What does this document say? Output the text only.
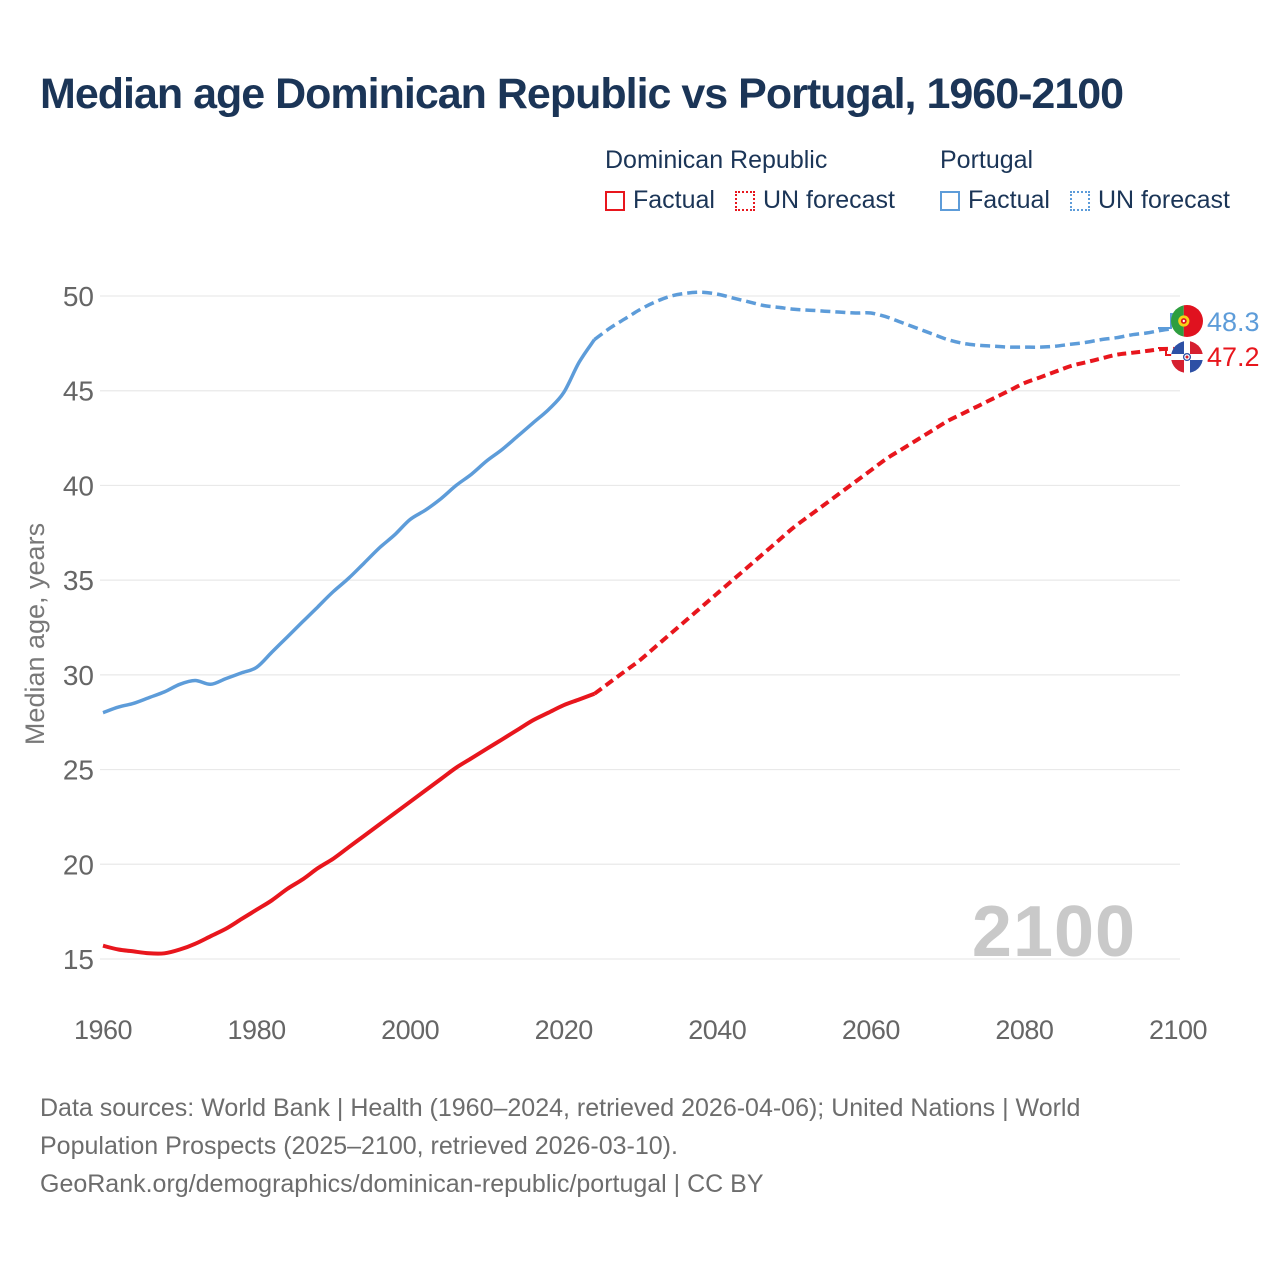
15
20
25
30
35
40
45
50
1960	1980	2000	2020	2040	2060	2080	2100
2100
Median age, years
48.3
47.2
Median age Dominican Republic vs Portugal, 1960-2100
Dominican Republic	Portugal
Factual UN forecast	Factual UN forecast
Data sources: World Bank | Health (1960–2024, retrieved 2026-04-06); United Nations | World
Population Prospects (2025–2100, retrieved 2026-03-10).
GeoRank.org/demographics/dominican-republic/portugal | CC BY
